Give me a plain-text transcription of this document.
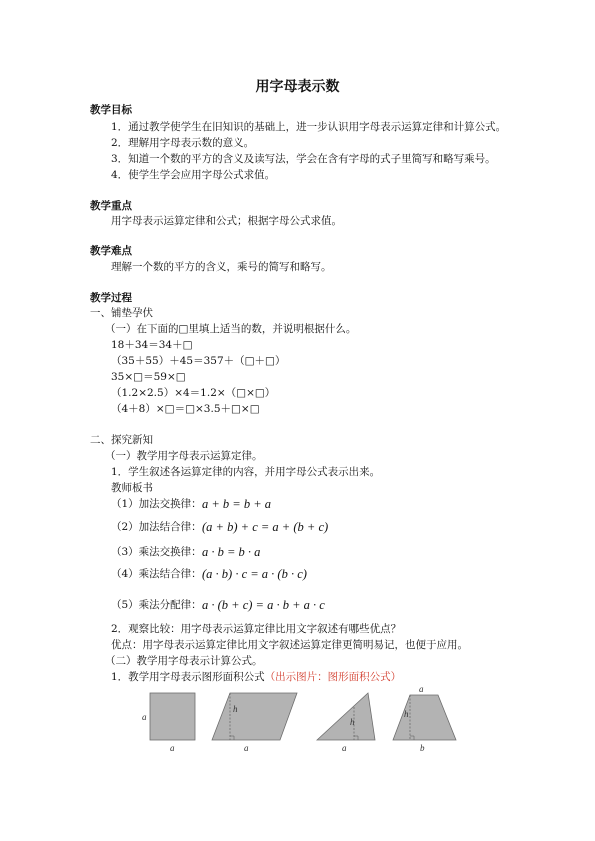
用字母表示数
教学目标
1．通过教学使学生在旧知识的基础上，进一步认识用字母表示运算定律和计算公式。
2．理解用字母表示数的意义。
3．知道一个数的平方的含义及读写法，学会在含有字母的式子里简写和略写乘号。
4．使学生学会应用字母公式求值。
教学重点
用字母表示运算定律和公式；根据字母公式求值。
教学难点
理解一个数的平方的含义，乘号的简写和略写。
教学过程
一、铺垫孕伏
（一）在下面的□里填上适当的数，并说明根据什么。
18＋34＝34＋□
（35＋55）＋45＝357＋（□＋□）
35×□＝59×□
（1.2×2.5）×4＝1.2×（□×□）
（4＋8）×□＝□×3.5＋□×□
二、探究新知
（一）教学用字母表示运算定律。
1．学生叙述各运算定律的内容，并用字母公式表示出来。
教师板书
（1）加法交换律： a + b = b + a
（2）加法结合律： (a + b) + c = a + (b + c)
（3）乘法交换律： a · b = b · a
（4）乘法结合律： (a · b) · c = a · (b · c)
（5）乘法分配律： a · (b + c) = a · b + a · c
2．观察比较：用字母表示运算定律比用文字叙述有哪些优点？
优点：用字母表示运算定律比用文字叙述运算定律更简明易记，也便于应用。
（二）教学用字母表示计算公式。
1．教学用字母表示图形面积公式（出示图片：图形面积公式）
a
a
h
a
h
a
a
h
b
